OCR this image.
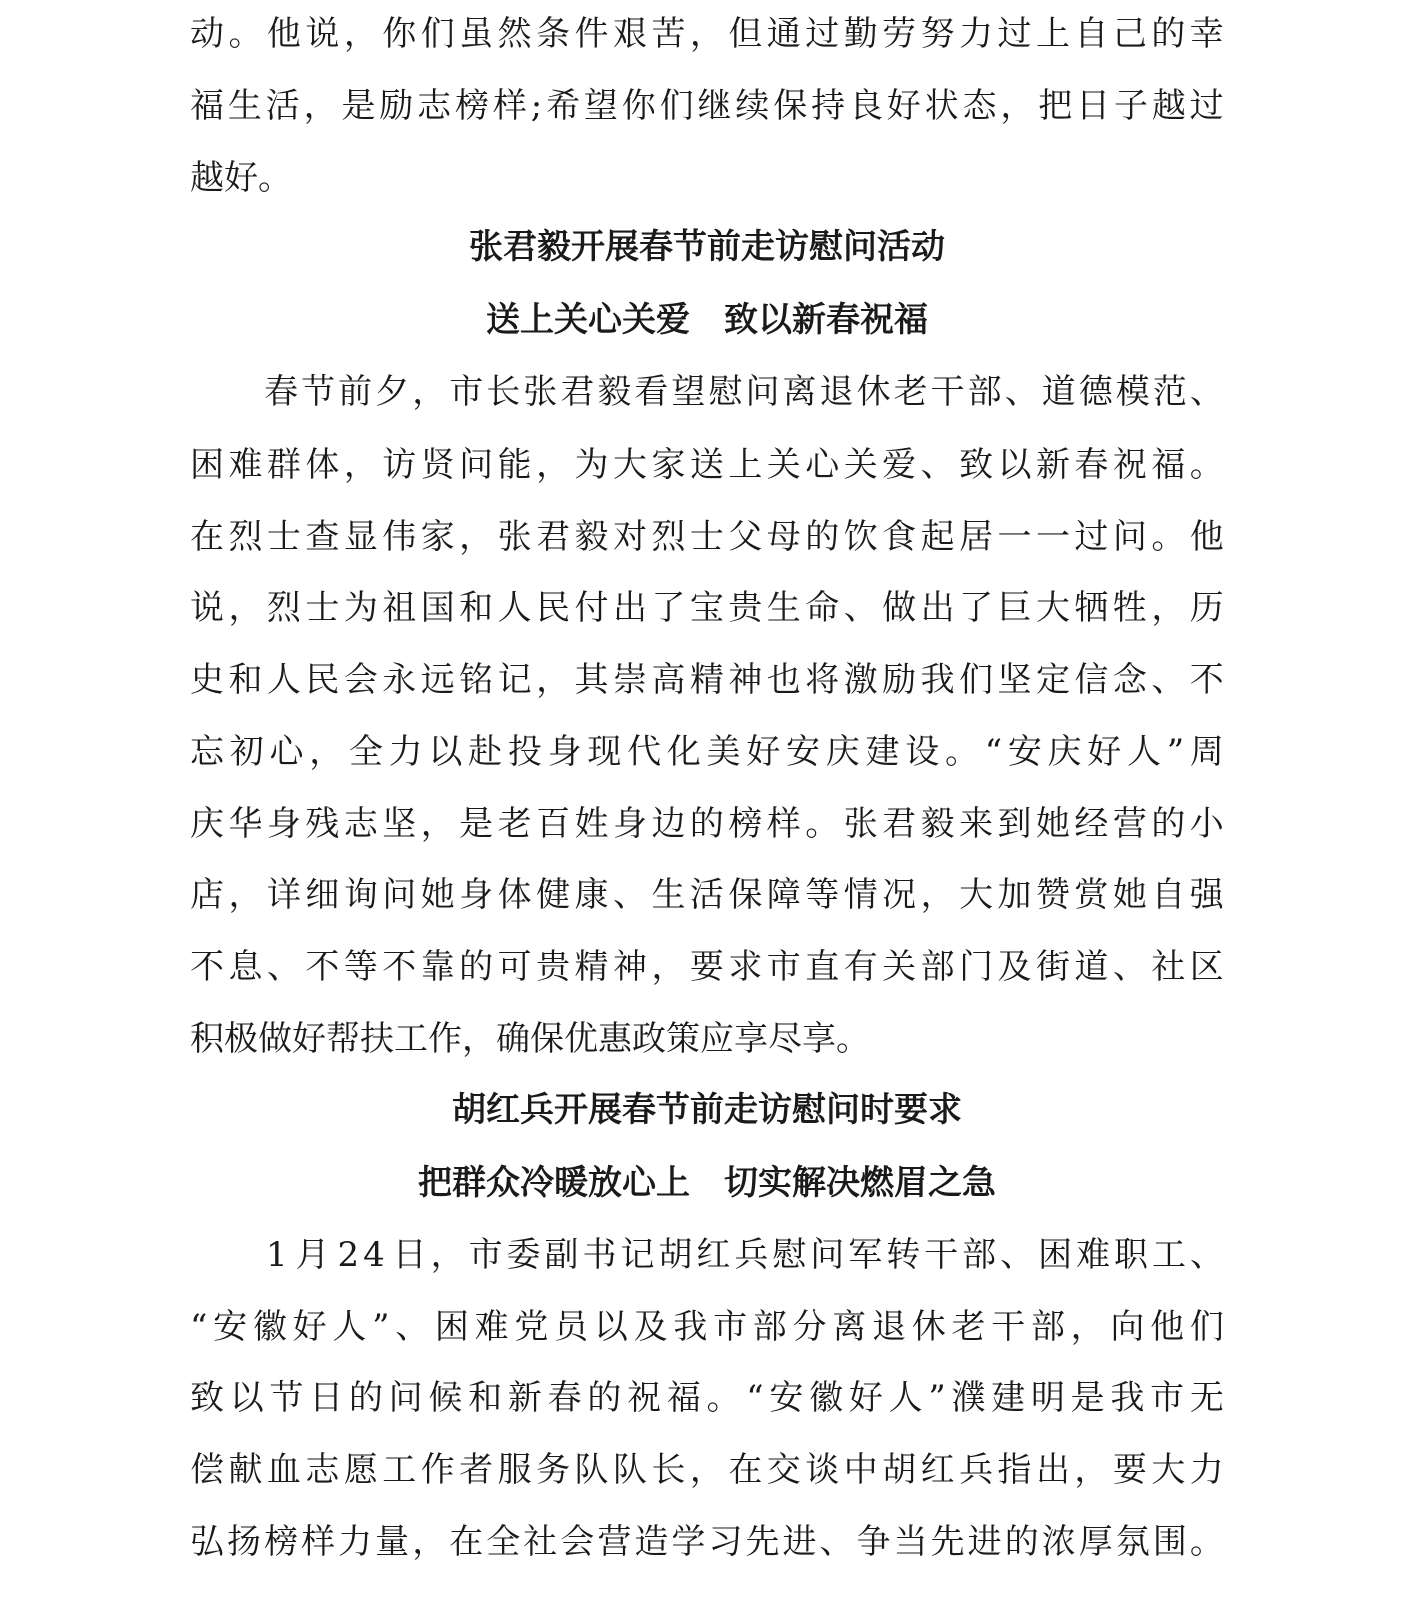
动 。 他 说 ， 你 们 虽 然 条 件 艰 苦 ， 但 通 过 勤 劳 努 力 过 上 自 己 的 幸
福 生 活 ， 是 励 志 榜 样 ; 希 望 你 们 继 续 保 持 良 好 状 态 ， 把 日 子 越 过
越好。
张君毅开展春节前走访慰问活动
送上关心关爱　致以新春祝福

春 节 前 夕 ， 市 长 张 君 毅 看 望 慰 问 离 退 休 老 干 部 、 道 德 模 范 、
困 难 群 体 ， 访 贤 问 能 ， 为 大 家 送 上 关 心 关 爱 、 致 以 新 春 祝 福 。
在 烈 士 查 显 伟 家 ， 张 君 毅 对 烈 士 父 母 的 饮 食 起 居 一 一 过 问 。 他
说 ， 烈 士 为 祖 国 和 人 民 付 出 了 宝 贵 生 命 、 做 出 了 巨 大 牺 牲 ， 历
史 和 人 民 会 永 远 铭 记 ， 其 崇 高 精 神 也 将 激 励 我 们 坚 定 信 念 、 不
忘 初 心 ， 全 力 以 赴 投 身 现 代 化 美 好 安 庆 建 设 。 “ 安 庆 好 人 ” 周
庆 华 身 残 志 坚 ， 是 老 百 姓 身 边 的 榜 样 。 张 君 毅 来 到 她 经 营 的 小
店 ， 详 细 询 问 她 身 体 健 康 、 生 活 保 障 等 情 况 ， 大 加 赞 赏 她 自 强
不 息 、 不 等 不 靠 的 可 贵 精 神 ， 要 求 市 直 有 关 部 门 及 街 道 、 社 区
积极做好帮扶工作，确保优惠政策应享尽享。
胡红兵开展春节前走访慰问时要求
把群众冷暖放心上　切实解决燃眉之急

1 月 2 4 日 ， 市 委 副 书 记 胡 红 兵 慰 问 军 转 干 部 、 困 难 职 工 、
“ 安 徽 好 人 ” 、 困 难 党 员 以 及 我 市 部 分 离 退 休 老 干 部 ， 向 他 们
致 以 节 日 的 问 候 和 新 春 的 祝 福 。 “ 安 徽 好 人 ” 濮 建 明 是 我 市 无
偿 献 血 志 愿 工 作 者 服 务 队 队 长 ， 在 交 谈 中 胡 红 兵 指 出 ， 要 大 力
弘 扬 榜 样 力 量 ， 在 全 社 会 营 造 学 习 先 进 、 争 当 先 进 的 浓 厚 氛 围 。
